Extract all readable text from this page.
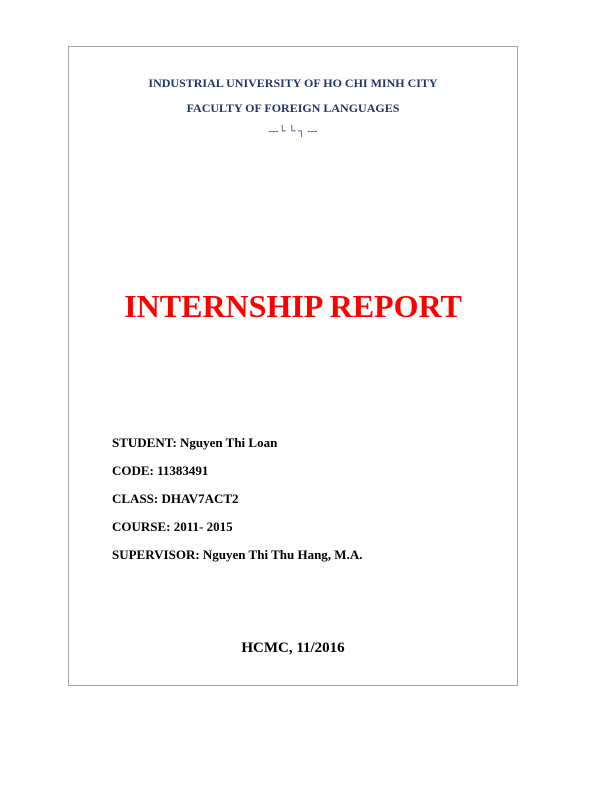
INDUSTRIAL UNIVERSITY OF HO CHI MINH CITY
FACULTY OF FOREIGN LANGUAGES
---└ └ ┐ ---
INTERNSHIP REPORT
STUDENT: Nguyen Thi Loan
CODE: 11383491
CLASS: DHAV7ACT2
COURSE: 2011- 2015
SUPERVISOR: Nguyen Thi Thu Hang, M.A.
HCMC, 11/2016
